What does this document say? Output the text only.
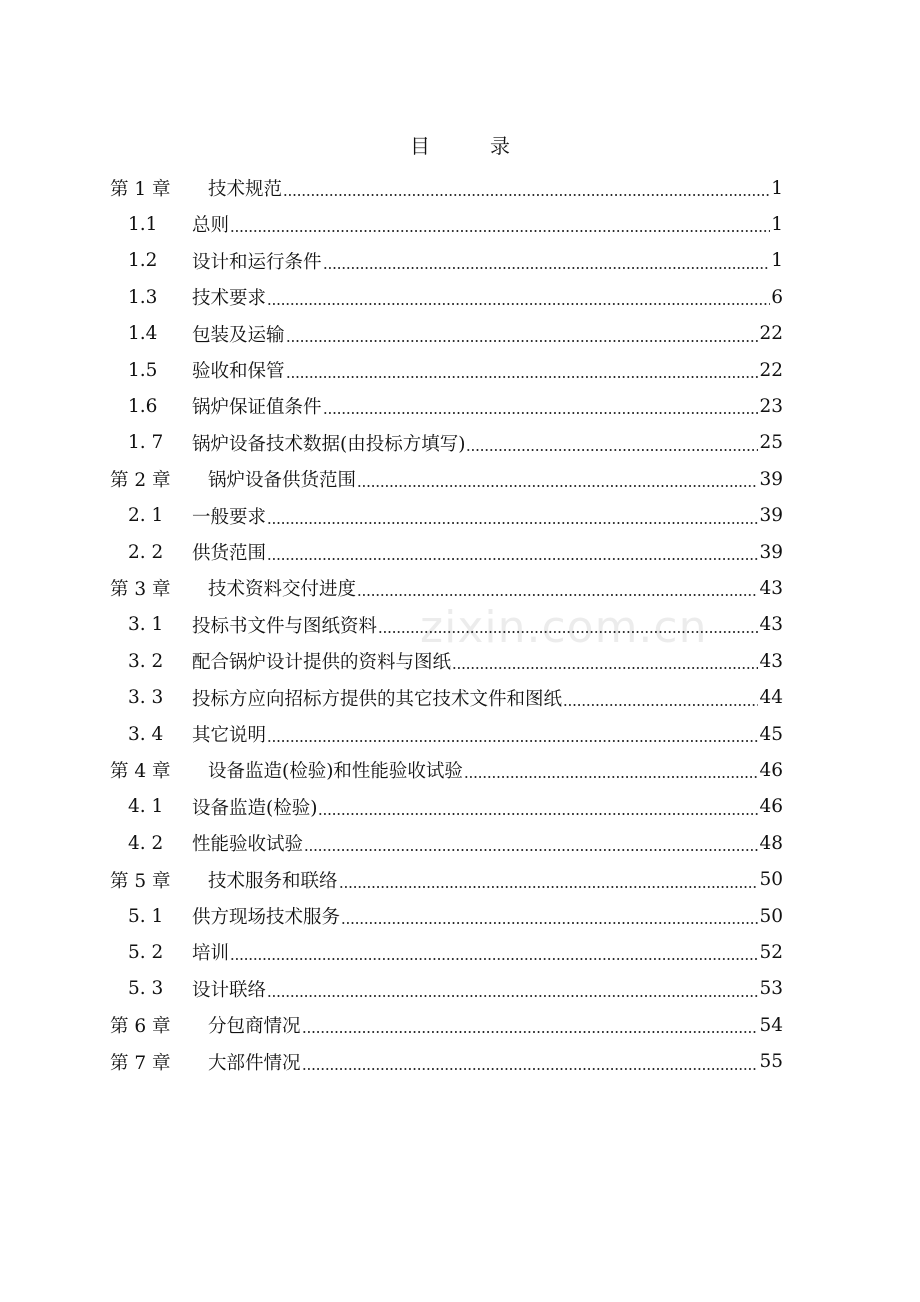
目　录
第 1 章	技术规范	1
1.1	总则	1
1.2	设计和运行条件	1
1.3	技术要求	6
1.4	包装及运输	22
1.5	验收和保管	22
1.6	锅炉保证值条件	23
1. 7	锅炉设备技术数据(由投标方填写)	25
第 2 章	锅炉设备供货范围	39
2. 1	一般要求	39
2. 2	供货范围	39
第 3 章	技术资料交付进度	43
3. 1	投标书文件与图纸资料	43
3. 2	配合锅炉设计提供的资料与图纸	43
3. 3	投标方应向招标方提供的其它技术文件和图纸	44
3. 4	其它说明	45
第 4 章	设备监造(检验)和性能验收试验	46
4. 1	设备监造(检验)	46
4. 2	性能验收试验	48
第 5 章	技术服务和联络	50
5. 1	供方现场技术服务	50
5. 2	培训	52
5. 3	设计联络	53
第 6 章	分包商情况	54
第 7 章	大部件情况	55
